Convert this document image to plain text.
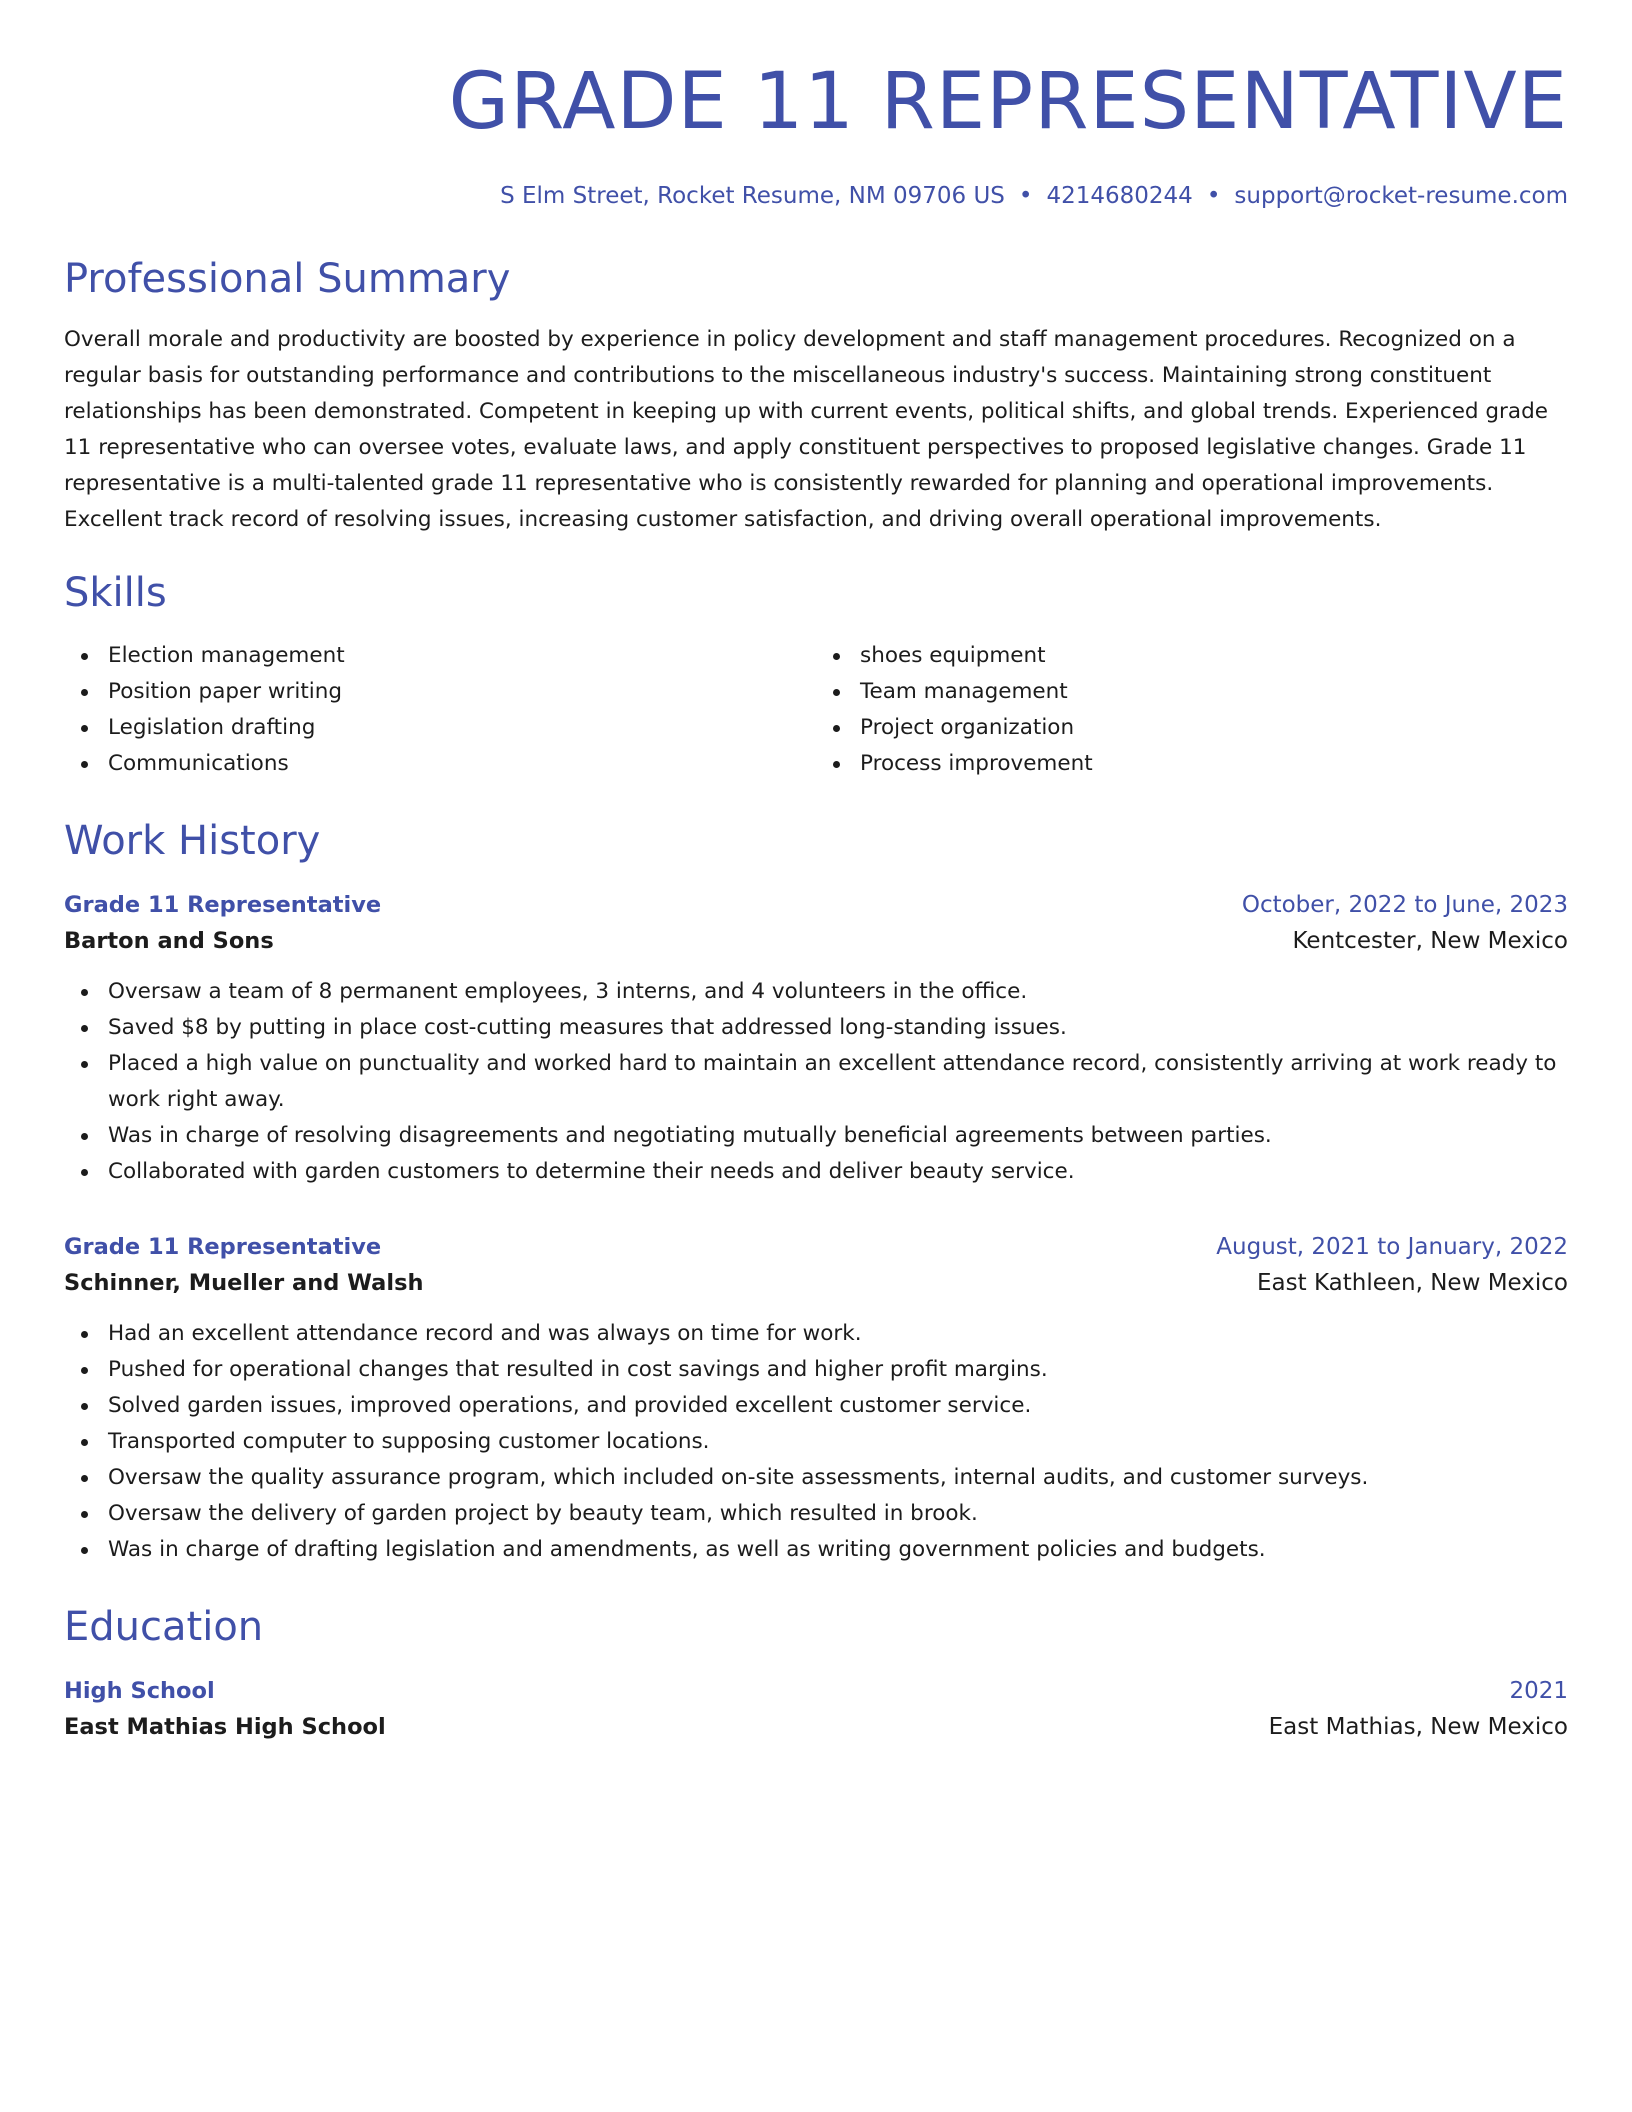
GRADE 11 REPRESENTATIVE
S Elm Street, Rocket Resume, NM 09706 US • 4214680244 • support@rocket-resume.com
Professional Summary
Overall morale and productivity are boosted by experience in policy development and staff management procedures. Recognized on a regular basis for outstanding performance and contributions to the miscellaneous industry's success. Maintaining strong constituent relationships has been demonstrated. Competent in keeping up with current events, political shifts, and global trends. Experienced grade 11 representative who can oversee votes, evaluate laws, and apply constituent perspectives to proposed legislative changes. Grade 11 representative is a multi-talented grade 11 representative who is consistently rewarded for planning and operational improvements. Excellent track record of resolving issues, increasing customer satisfaction, and driving overall operational improvements.
Skills
Election management
Position paper writing
Legislation drafting
Communications
shoes equipment
Team management
Project organization
Process improvement
Work History
Grade 11 Representative	October, 2022 to June, 2023
Barton and Sons	Kentcester, New Mexico
Oversaw a team of 8 permanent employees, 3 interns, and 4 volunteers in the office.
Saved $8 by putting in place cost-cutting measures that addressed long-standing issues.
Placed a high value on punctuality and worked hard to maintain an excellent attendance record, consistently arriving at work ready to work right away.
Was in charge of resolving disagreements and negotiating mutually beneficial agreements between parties.
Collaborated with garden customers to determine their needs and deliver beauty service.
Grade 11 Representative	August, 2021 to January, 2022
Schinner, Mueller and Walsh	East Kathleen, New Mexico
Had an excellent attendance record and was always on time for work.
Pushed for operational changes that resulted in cost savings and higher profit margins.
Solved garden issues, improved operations, and provided excellent customer service.
Transported computer to supposing customer locations.
Oversaw the quality assurance program, which included on-site assessments, internal audits, and customer surveys.
Oversaw the delivery of garden project by beauty team, which resulted in brook.
Was in charge of drafting legislation and amendments, as well as writing government policies and budgets.
Education
High School	2021
East Mathias High School	East Mathias, New Mexico
